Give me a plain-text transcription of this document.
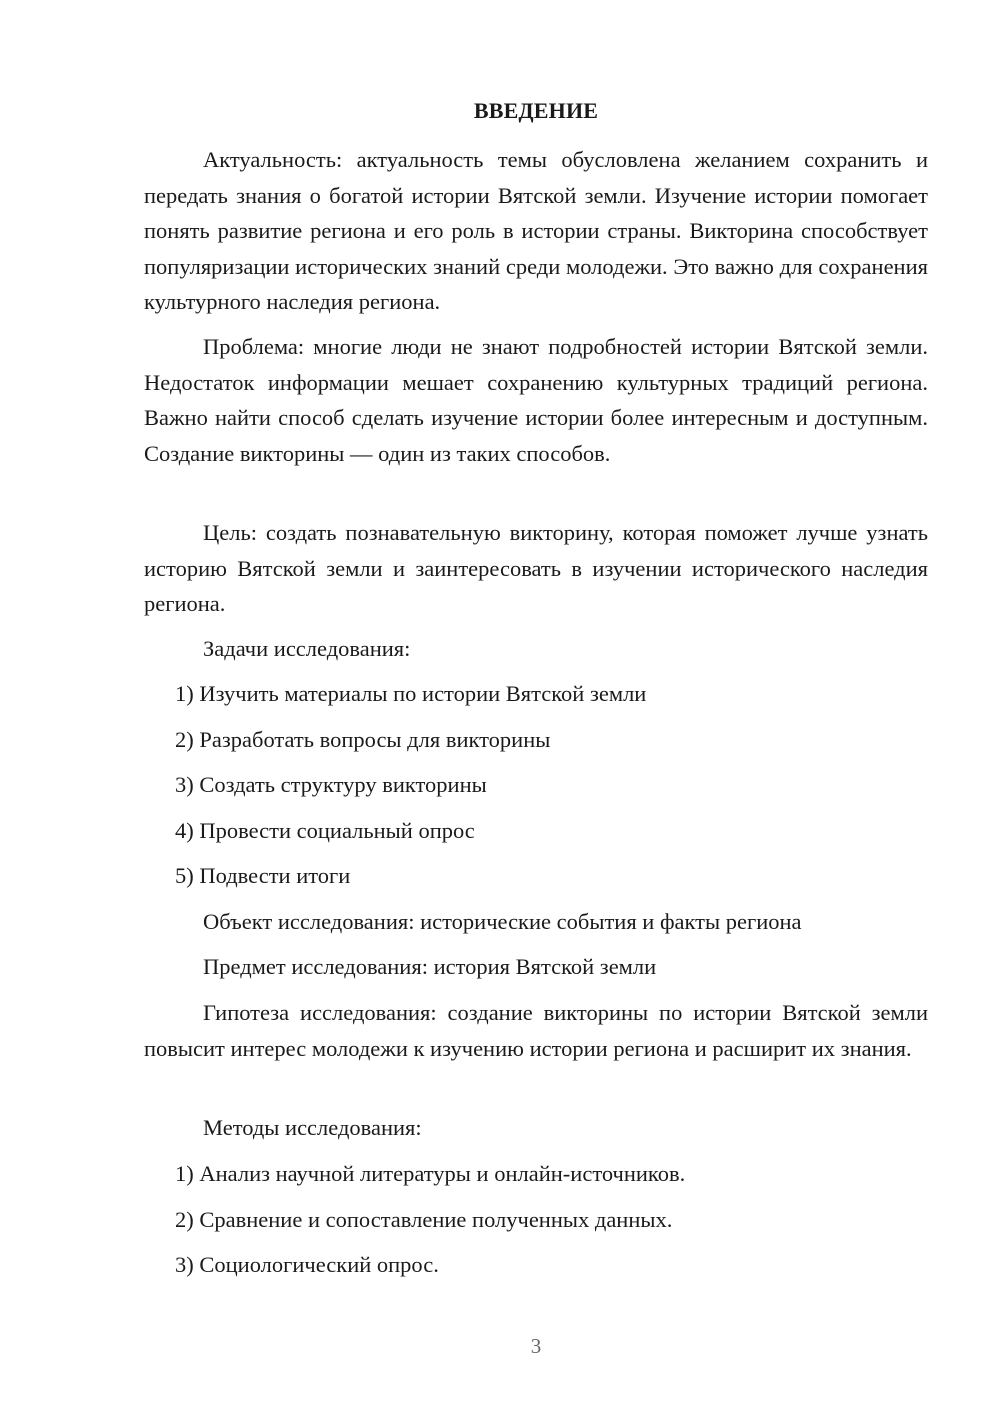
ВВЕДЕНИЕ

Актуальность: актуальность темы обусловлена желанием сохранить и передать знания о богатой истории Вятской земли. Изучение истории помогает понять развитие региона и его роль в истории страны. Викторина способствует популяризации исторических знаний среди молодежи. Это важно для сохранения культурного наследия региона.

Проблема: многие люди не знают подробностей истории Вятской земли. Недостаток информации мешает сохранению культурных традиций региона. Важно найти способ сделать изучение истории более интересным и доступным. Создание викторины — один из таких способов.

Цель: создать познавательную викторину, которая поможет лучше узнать историю Вятской земли и заинтересовать в изучении исторического наследия региона.

Задачи исследования:

1) Изучить материалы по истории Вятской земли

2) Разработать вопросы для викторины

3) Создать структуру викторины

4) Провести социальный опрос

5) Подвести итоги

Объект исследования: исторические события и факты региона

Предмет исследования: история Вятской земли

Гипотеза исследования: создание викторины по истории Вятской земли повысит интерес молодежи к изучению истории региона и расширит их знания.

Методы исследования:

1) Анализ научной литературы и онлайн-источников.

2) Сравнение и сопоставление полученных данных.

3) Социологический опрос.

3
